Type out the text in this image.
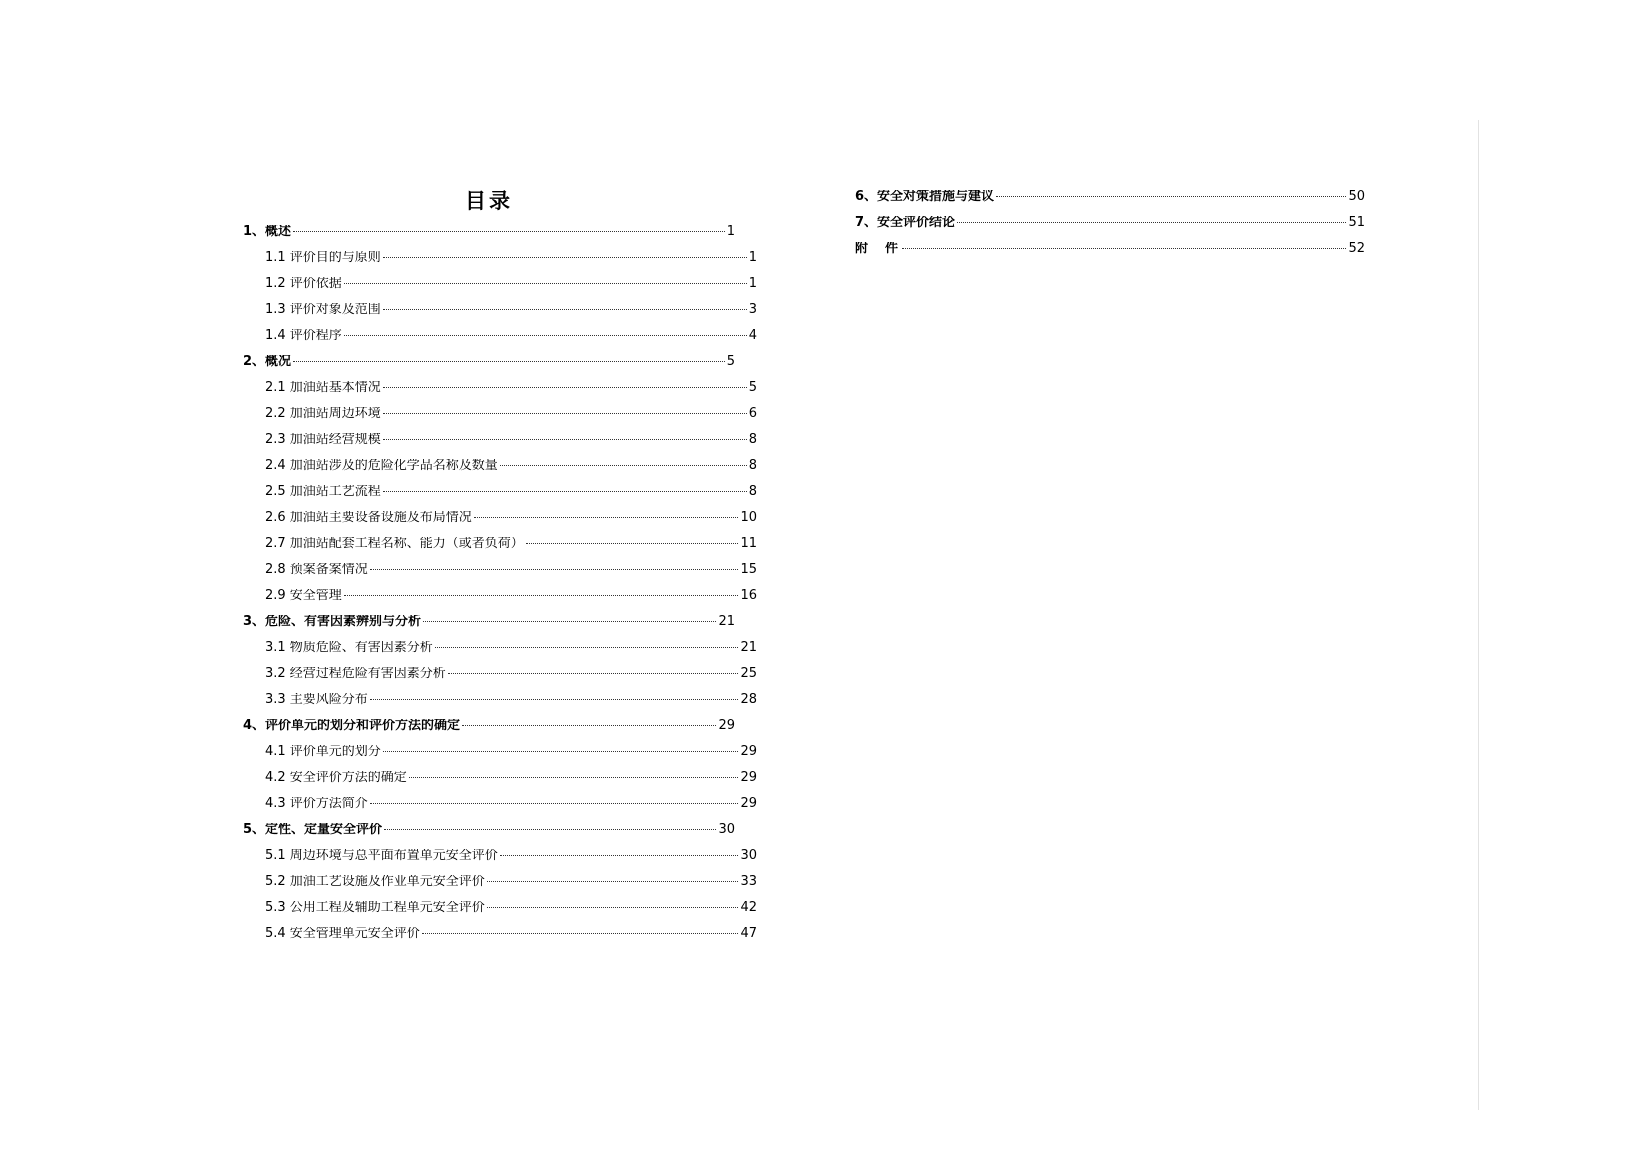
目录
1、概述	1
1.1 评价目的与原则	1
1.2 评价依据	1
1.3 评价对象及范围	3
1.4 评价程序	4
2、概况	5
2.1 加油站基本情况	5
2.2 加油站周边环境	6
2.3 加油站经营规模	8
2.4 加油站涉及的危险化学品名称及数量	8
2.5 加油站工艺流程	8
2.6 加油站主要设备设施及布局情况	10
2.7 加油站配套工程名称、能力（或者负荷）	11
2.8 预案备案情况	15
2.9 安全管理	16
3、危险、有害因素辨别与分析	21
3.1 物质危险、有害因素分析	21
3.2 经营过程危险有害因素分析	25
3.3 主要风险分布	28
4、评价单元的划分和评价方法的确定	29
4.1 评价单元的划分	29
4.2 安全评价方法的确定	29
4.3 评价方法简介	29
5、定性、定量安全评价	30
5.1 周边环境与总平面布置单元安全评价	30
5.2 加油工艺设施及作业单元安全评价	33
5.3 公用工程及辅助工程单元安全评价	42
5.4 安全管理单元安全评价	47
6、安全对策措施与建议	50
7、安全评价结论	51
附　件	52
